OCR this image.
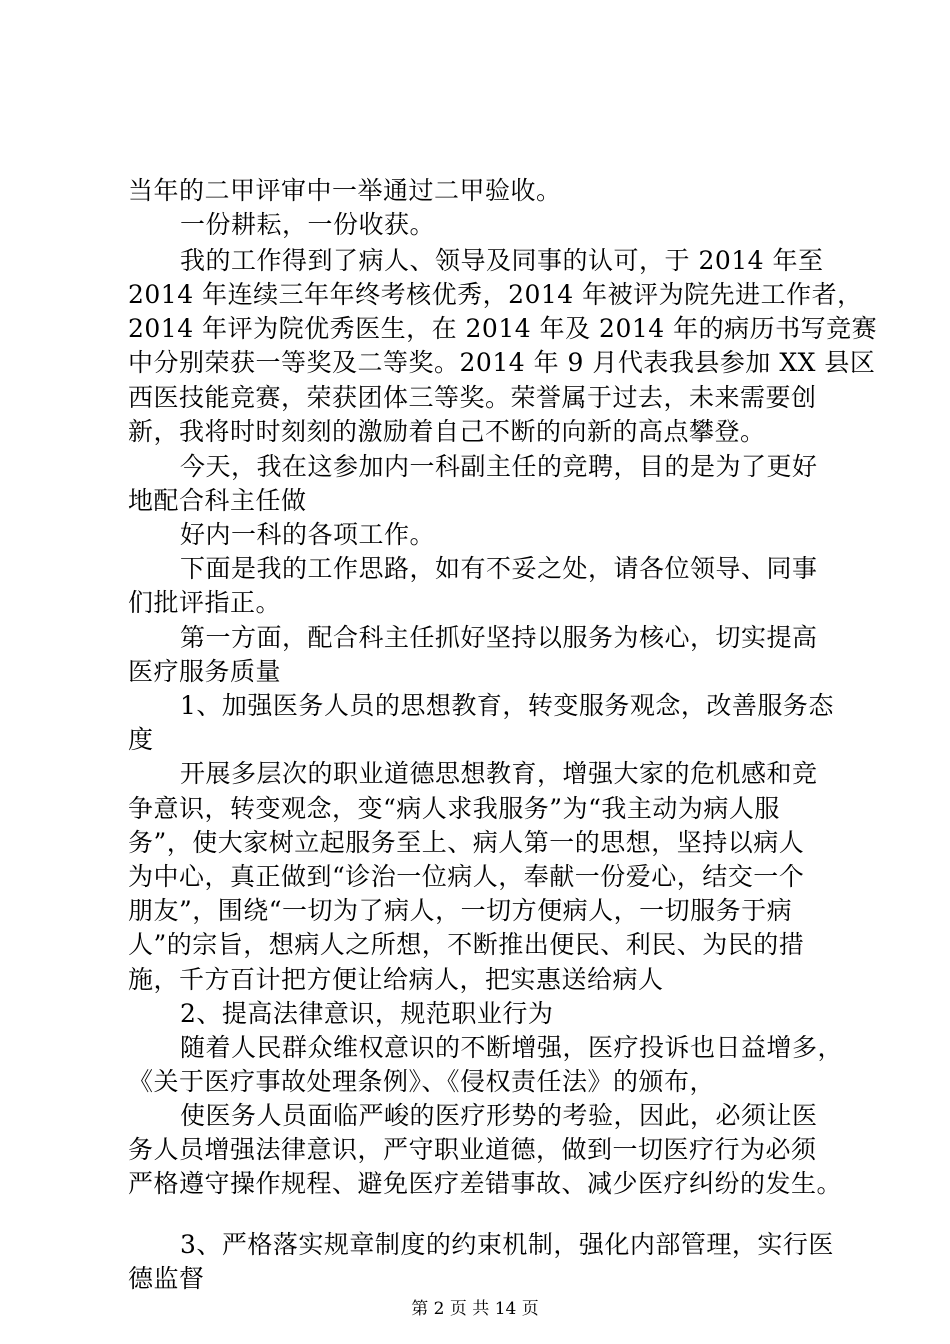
当年的二甲评审中一举通过二甲验收。
一份耕耘，一份收获。
我的工作得到了病人、领导及同事的认可，于 2014 年至
2014 年连续三年年终考核优秀，2014 年被评为院先进工作者，
2014 年评为院优秀医生，在 2014 年及 2014 年的病历书写竞赛
中分别荣获一等奖及二等奖。2014 年 9 月代表我县参加 XX 县区
西医技能竞赛，荣获团体三等奖。荣誉属于过去，未来需要创
新，我将时时刻刻的激励着自己不断的向新的高点攀登。
今天，我在这参加内一科副主任的竞聘，目的是为了更好
地配合科主任做
好内一科的各项工作。
下面是我的工作思路，如有不妥之处，请各位领导、同事
们批评指正。
第一方面，配合科主任抓好坚持以服务为核心，切实提高
医疗服务质量
1、加强医务人员的思想教育，转变服务观念，改善服务态
度
开展多层次的职业道德思想教育，增强大家的危机感和竞
争意识，转变观念，变“病人求我服务”为“我主动为病人服
务”，使大家树立起服务至上、病人第一的思想，坚持以病人
为中心，真正做到“诊治一位病人，奉献一份爱心，结交一个
朋友”，围绕“一切为了病人，一切方便病人，一切服务于病
人”的宗旨，想病人之所想，不断推出便民、利民、为民的措
施，千方百计把方便让给病人，把实惠送给病人
2、提高法律意识，规范职业行为
随着人民群众维权意识的不断增强，医疗投诉也日益增多，
《关于医疗事故处理条例》、《侵权责任法》的颁布，
使医务人员面临严峻的医疗形势的考验，因此，必须让医
务人员增强法律意识，严守职业道德，做到一切医疗行为必须
严格遵守操作规程、避免医疗差错事故、减少医疗纠纷的发生。
3、严格落实规章制度的约束机制，强化内部管理，实行医
德监督
第 2 页 共 14 页
